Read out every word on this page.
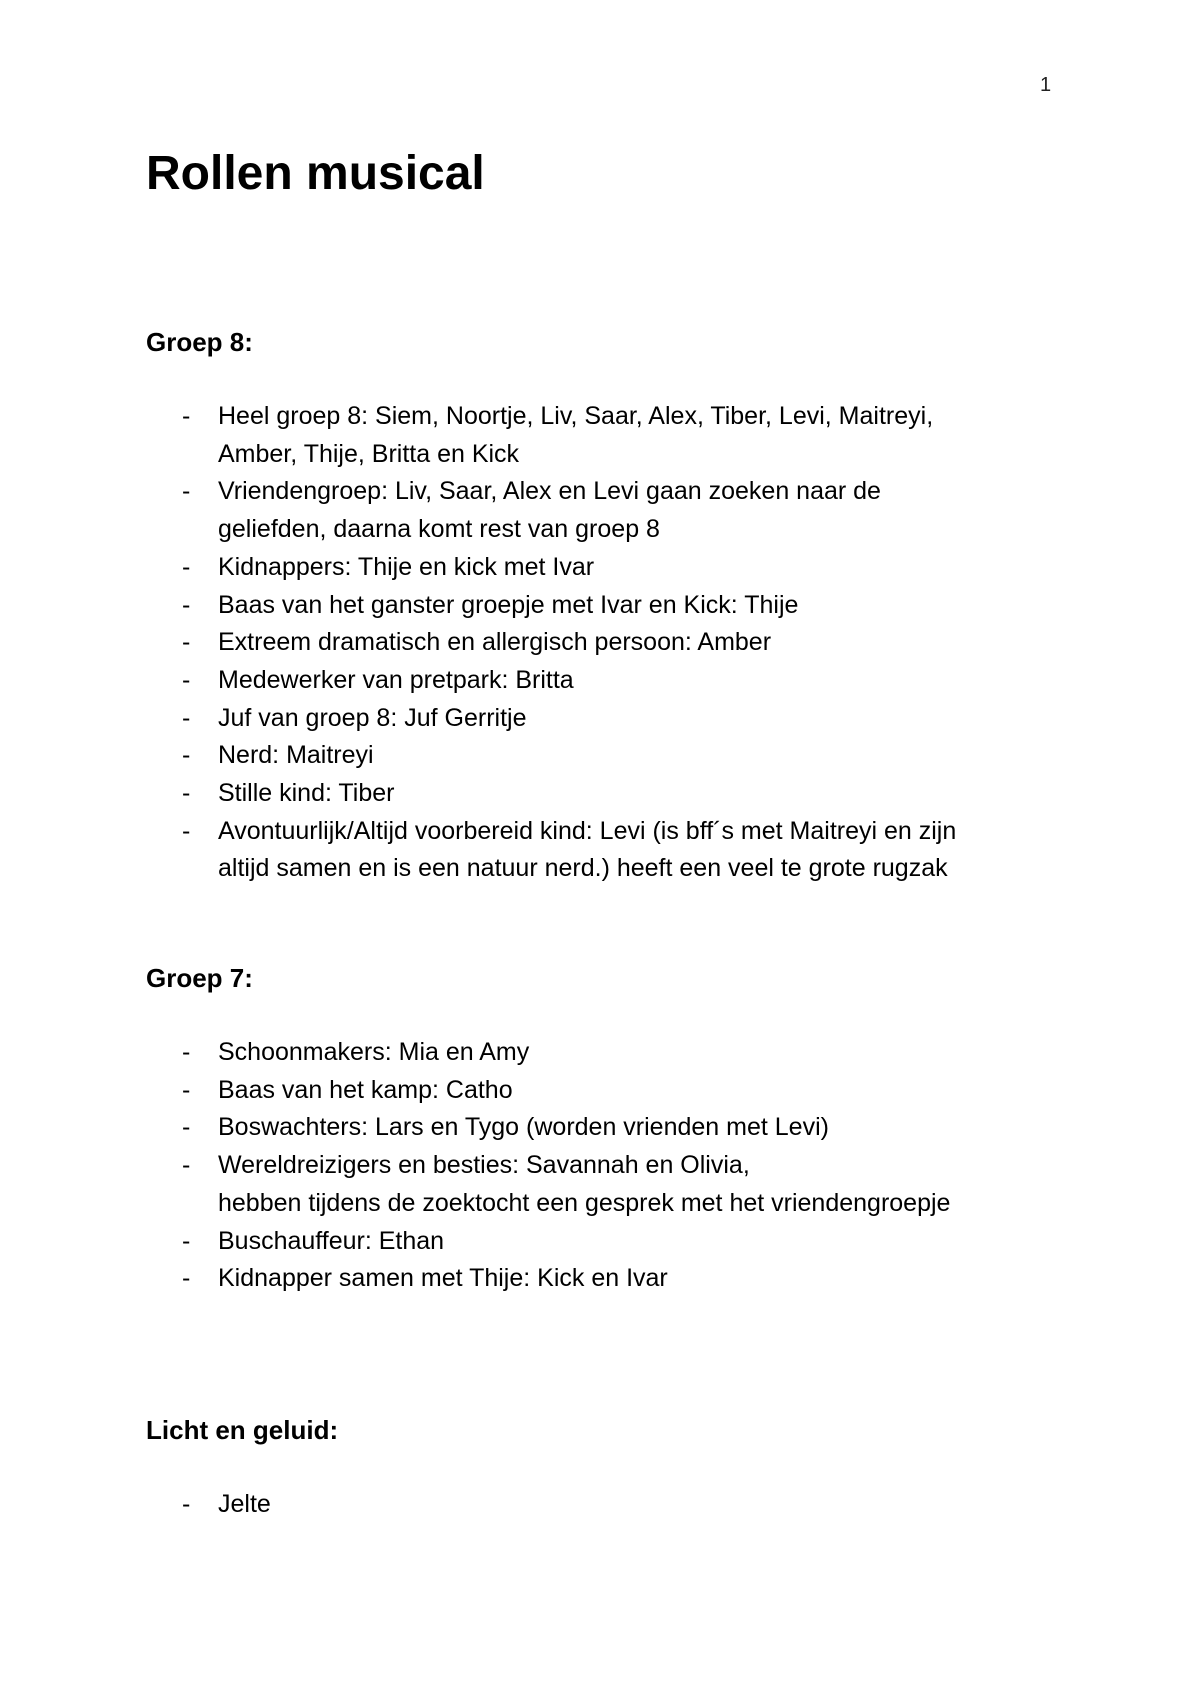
1
Rollen musical
Groep 8:
- Heel groep 8: Siem, Noortje, Liv, Saar, Alex, Tiber, Levi, Maitreyi,
Amber, Thije, Britta en Kick
- Vriendengroep: Liv, Saar, Alex en Levi gaan zoeken naar de
geliefden, daarna komt rest van groep 8
- Kidnappers: Thije en kick met Ivar
- Baas van het ganster groepje met Ivar en Kick: Thije
- Extreem dramatisch en allergisch persoon: Amber
- Medewerker van pretpark: Britta
- Juf van groep 8: Juf Gerritje
- Nerd: Maitreyi
- Stille kind: Tiber
- Avontuurlijk/Altijd voorbereid kind: Levi (is bff´s met Maitreyi en zijn
altijd samen en is een natuur nerd.) heeft een veel te grote rugzak
Groep 7:
- Schoonmakers: Mia en Amy
- Baas van het kamp: Catho
- Boswachters: Lars en Tygo (worden vrienden met Levi)
- Wereldreizigers en besties: Savannah en Olivia,
hebben tijdens de zoektocht een gesprek met het vriendengroepje
- Buschauffeur: Ethan
- Kidnapper samen met Thije: Kick en Ivar
Licht en geluid:
- Jelte
